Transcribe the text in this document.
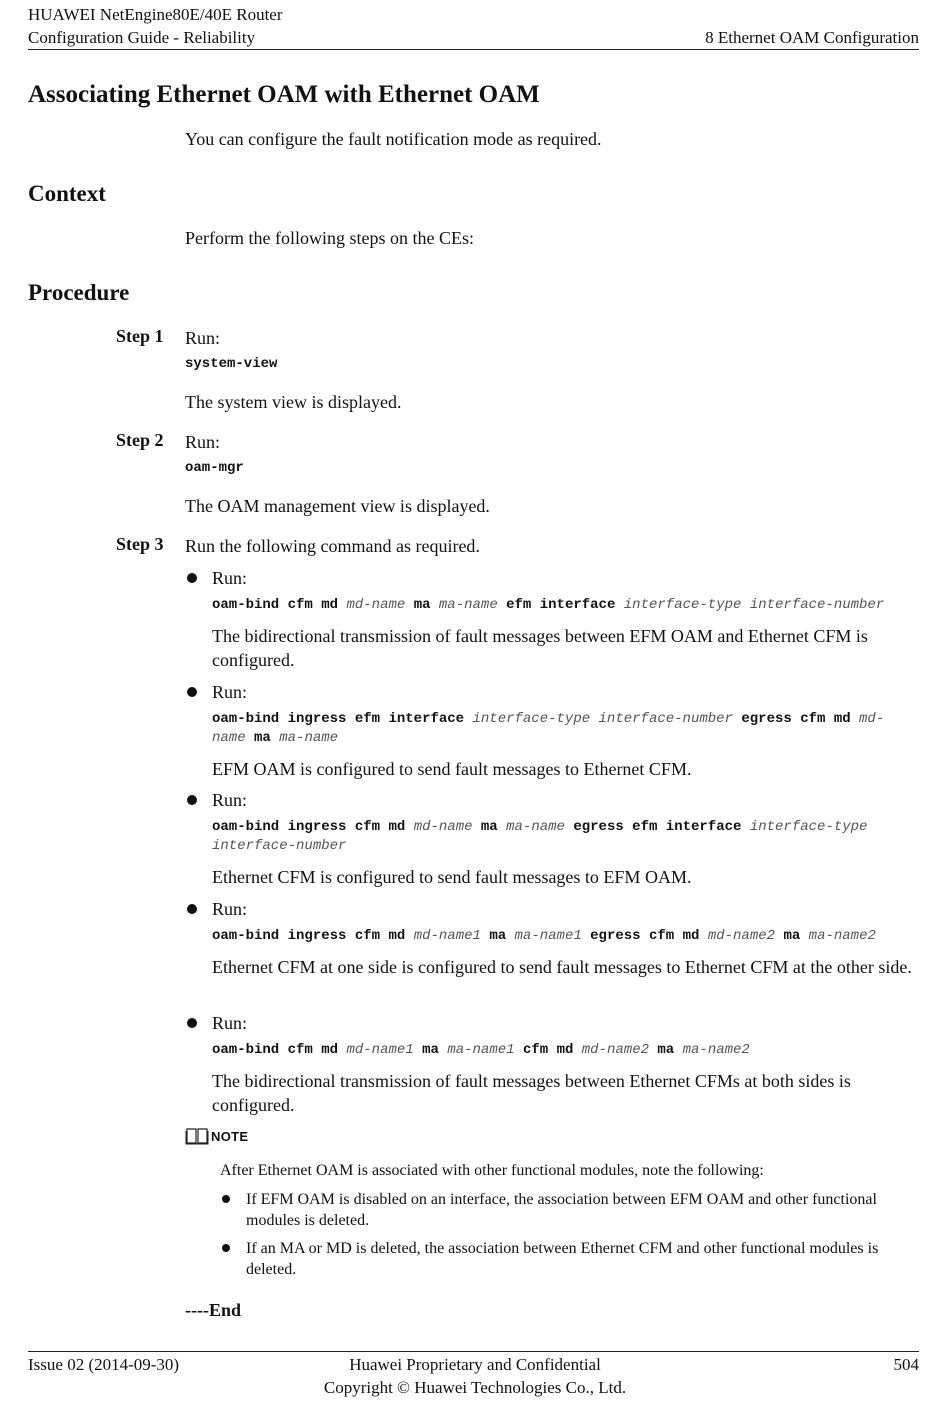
HUAWEI NetEngine80E/40E Router
Configuration Guide - Reliability	8 Ethernet OAM Configuration
Associating Ethernet OAM with Ethernet OAM
You can configure the fault notification mode as required.
Context
Perform the following steps on the CEs:
Procedure
Step 1 Run:
system-view
The system view is displayed.
Step 2 Run:
oam-mgr
The OAM management view is displayed.
Step 3 Run the following command as required.
Run:
oam-bind cfm md md-name ma ma-name efm interface interface-type interface-number
The bidirectional transmission of fault messages between EFM OAM and Ethernet CFM is configured.
Run:
oam-bind ingress efm interface interface-type interface-number egress cfm md md-
name ma ma-name
EFM OAM is configured to send fault messages to Ethernet CFM.
Run:
oam-bind ingress cfm md md-name ma ma-name egress efm interface interface-type
interface-number
Ethernet CFM is configured to send fault messages to EFM OAM.
Run:
oam-bind ingress cfm md md-name1 ma ma-name1 egress cfm md md-name2 ma ma-name2
Ethernet CFM at one side is configured to send fault messages to Ethernet CFM at the other side.
Run:
oam-bind cfm md md-name1 ma ma-name1 cfm md md-name2 ma ma-name2
The bidirectional transmission of fault messages between Ethernet CFMs at both sides is configured.
NOTE
After Ethernet OAM is associated with other functional modules, note the following:
If EFM OAM is disabled on an interface, the association between EFM OAM and other functional modules is deleted.
If an MA or MD is deleted, the association between Ethernet CFM and other functional modules is deleted.
----End
Issue 02 (2014-09-30)	Huawei Proprietary and Confidential
Copyright © Huawei Technologies Co., Ltd.
504
